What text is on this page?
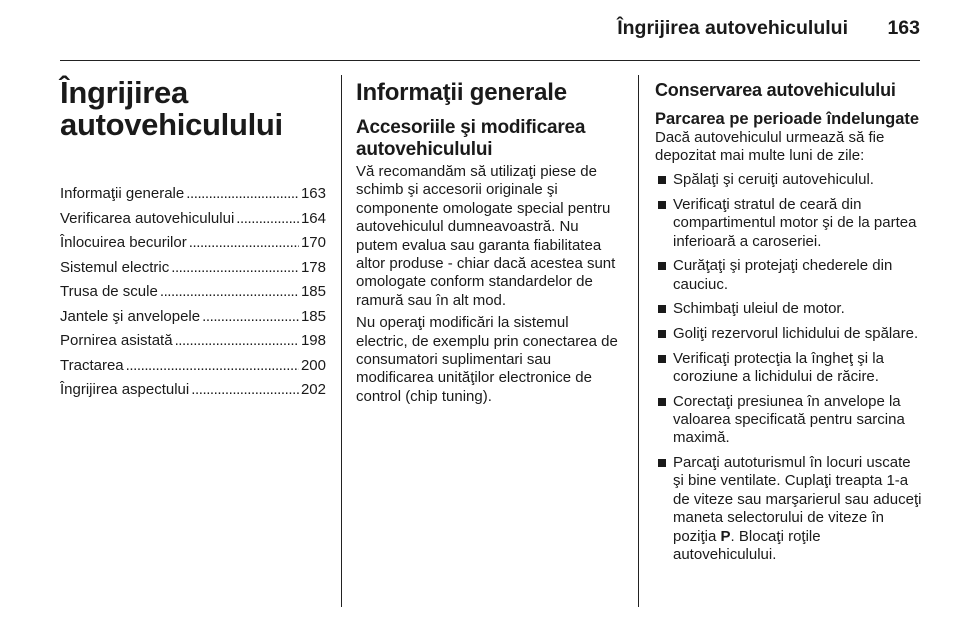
Îngrijirea autovehiculului 163
Îngrijirea
autovehiculului
Informaţii generale . . .	163
Verificarea autovehiculului . . .	164
Înlocuirea becurilor . . .	170
Sistemul electric . . .	178
Trusa de scule . . .	185
Jantele şi anvelopele . . .	185
Pornirea asistată . . .	198
Tractarea . . .	200
Îngrijirea aspectului . . .	202
Informaţii generale
Accesoriile şi modificarea autovehiculului

Vă recomandăm să utilizaţi piese de schimb şi accesorii originale şi componente omologate special pentru autovehiculul dumneavoastră. Nu putem evalua sau garanta fiabilitatea altor produse - chiar dacă acestea sunt omologate conform standardelor de ramură sau în alt mod.

Nu operaţi modificări la sistemul electric, de exemplu prin conectarea de consumatori suplimentari sau modificarea unităţilor electronice de control (chip tuning).

Conservarea autovehiculului
Parcarea pe perioade îndelungate

Dacă autovehiculul urmează să fie depozitat mai multe luni de zile:

Spălaţi şi ceruiţi autovehiculul.
Verificaţi stratul de ceară din compartimentul motor şi de la partea inferioară a caroseriei.
Curăţaţi şi protejaţi chederele din cauciuc.
Schimbaţi uleiul de motor.
Goliţi rezervorul lichidului de spălare.
Verificaţi protecţia la îngheţ şi la coroziune a lichidului de răcire.
Corectaţi presiunea în anvelope la valoarea specificată pentru sarcina maximă.
Parcaţi autoturismul în locuri uscate şi bine ventilate. Cuplaţi treapta 1-a de viteze sau marşarierul sau aduceţi maneta selectorului de viteze în poziţia P. Blocaţi roţile autovehiculului.
